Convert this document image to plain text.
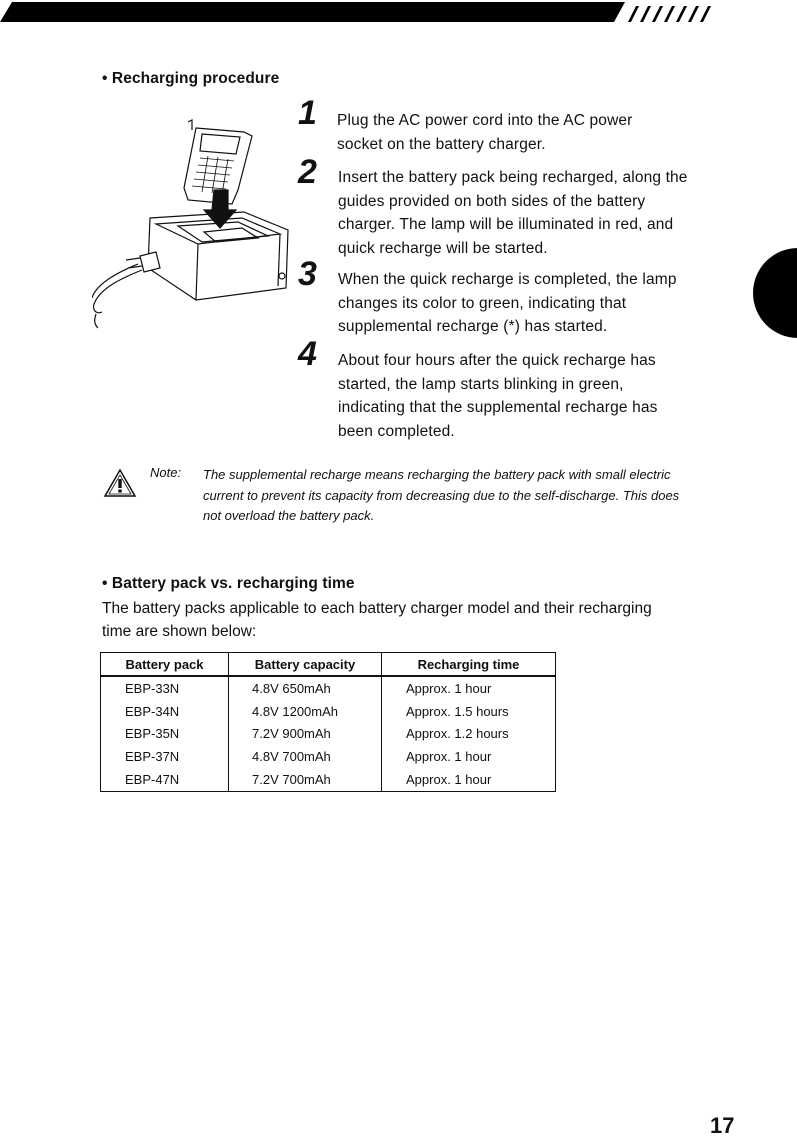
• Recharging procedure
1 Plug the AC power cord into the AC power socket on the battery charger.
2 Insert the battery pack being recharged, along the guides provided on both sides of the battery charger. The lamp will be illuminated in red, and quick recharge will be started.
3 When the quick recharge is completed, the lamp changes its color to green, indicating that supplemental recharge (*) has started.
4 About four hours after the quick recharge has started, the lamp starts blinking in green, indicating that the supplemental recharge has been completed.
Note: The supplemental recharge means recharging the battery pack with small electric current to prevent its capacity from decreasing due to the self-discharge. This does not overload the battery pack.
• Battery pack vs. recharging time
The battery packs applicable to each battery charger model and their recharging time are shown below:
Battery pack	Battery capacity	Recharging time
EBP-33N	4.8V 650mAh	Approx. 1 hour
EBP-34N	4.8V 1200mAh	Approx. 1.5 hours
EBP-35N	7.2V 900mAh	Approx. 1.2 hours
EBP-37N	4.8V 700mAh	Approx. 1 hour
EBP-47N	7.2V 700mAh	Approx. 1 hour
17
